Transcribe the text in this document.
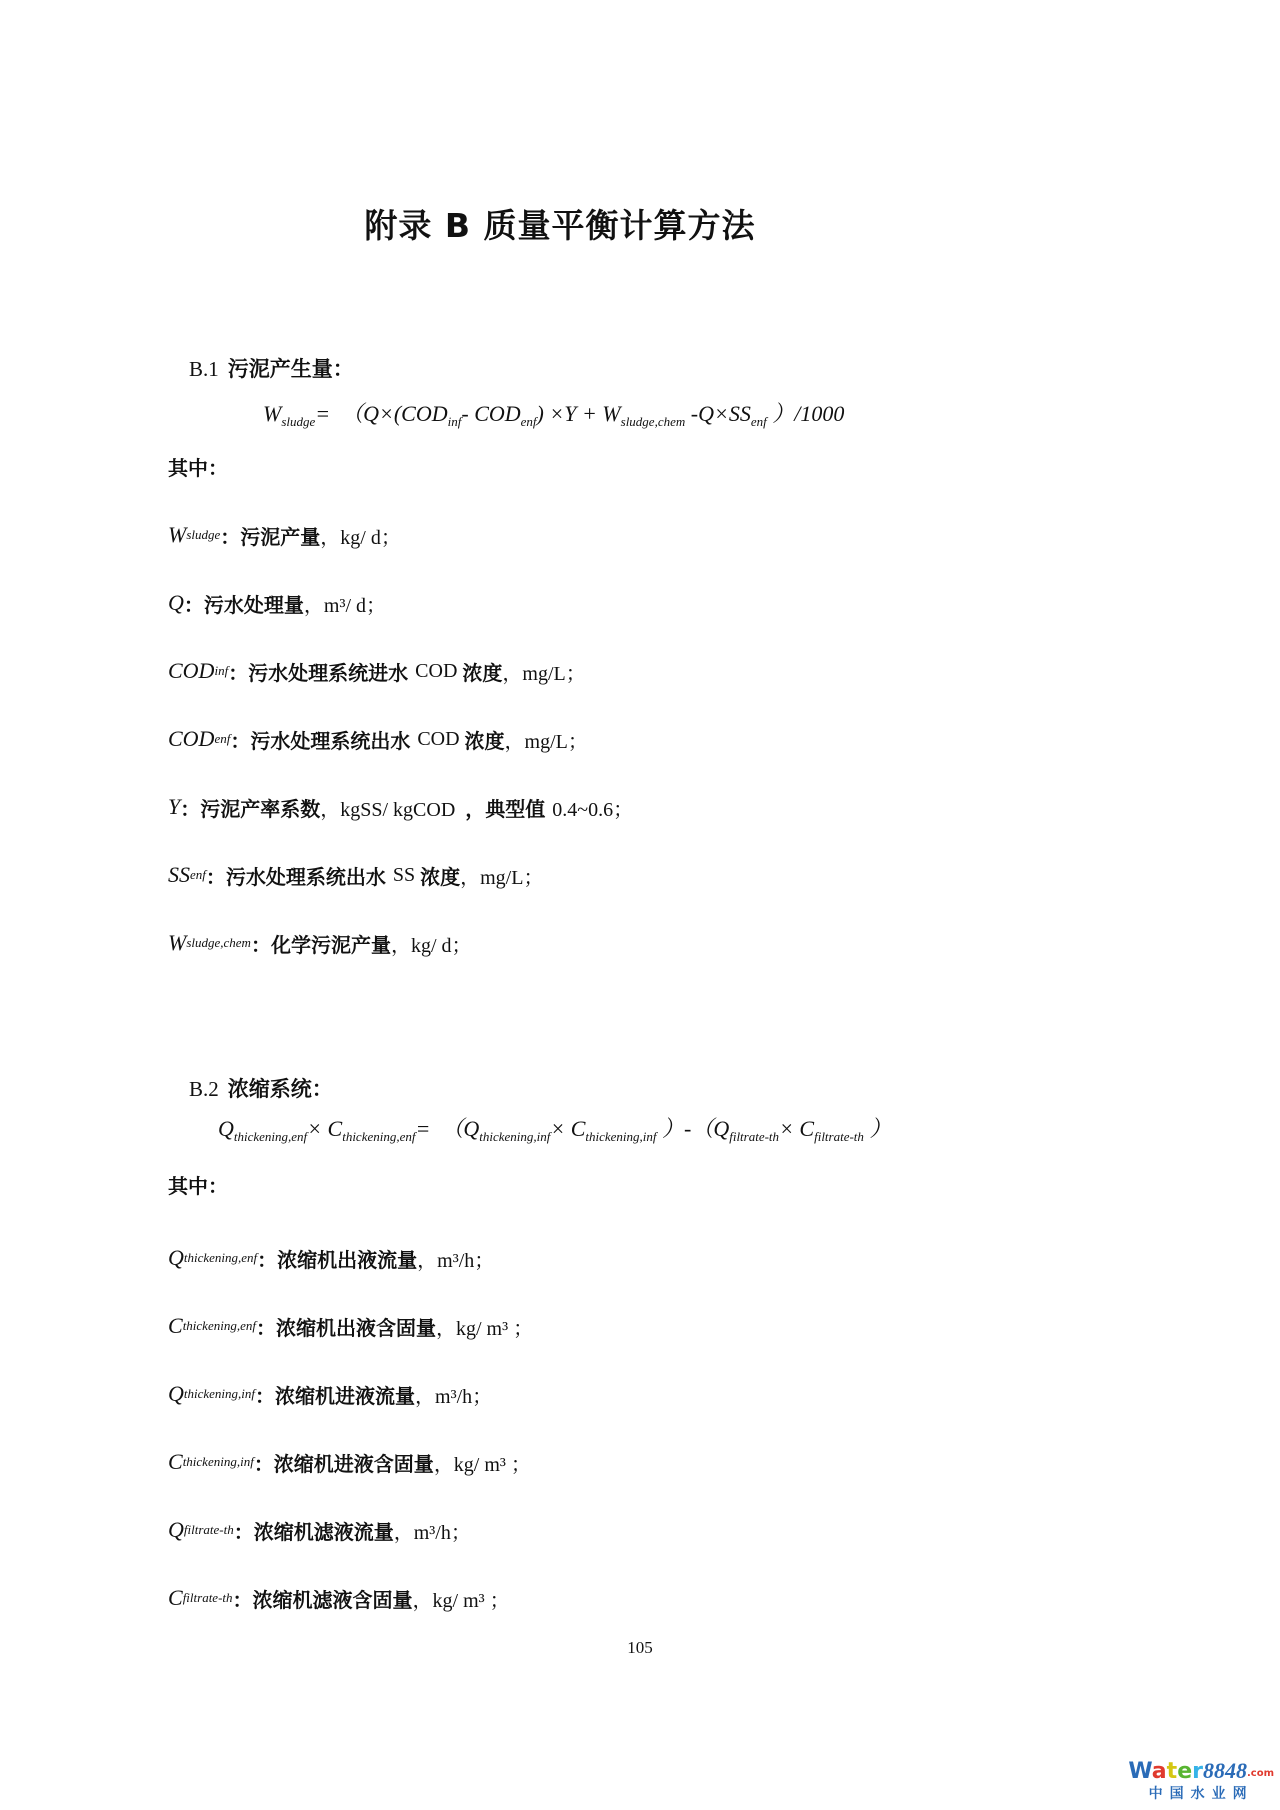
附录 B 质量平衡计算方法

B.1 污泥产生量：

$W_{sludge}= (Q\times(COD_{inf}-$ $COD_{enf}) \times Y + W_{sludge,chem}$ $-Q\times SS_{enf}$ ）/1000
其中：
W sludge ：污泥产量 ，kg/ d；
Q ：污水处理量 ，m³/ d；
COD inf ：污水处理系统进水 COD 浓度 ，mg/L；
COD enf ：污水处理系统出水 COD 浓度 ，mg/L；
Y ：污泥产率系数 ，kgSS/ kgCOD ，典型值 0.4~0.6；
SS enf ：污水处理系统出水 SS 浓度 ，mg/L；
W sludge,chem ：化学污泥产量 ，kg/ d；

B.2 浓缩系统：

$Q_{thickening,enf}\times C_{thickening,enf}= (Q_{thickening,inf}\times C_{thickening,inf}$ ）$-(Q_{filtrate-th}\times C_{filtrate-th}$ ）
其中：
Q thickening,enf ：浓缩机出液流量 ，m³/h；
C thickening,enf ：浓缩机出液含固量 ，kg/ m³ ；
Q thickening,inf ：浓缩机进液流量 ，m³/h；
C thickening,inf ：浓缩机进液含固量 ，kg/ m³ ；
Q filtrate-th ：浓缩机滤液流量 ，m³/h；
C filtrate-th ：浓缩机滤液含固量 ，kg/ m³ ；
105
Water8848.com
中国水业网
